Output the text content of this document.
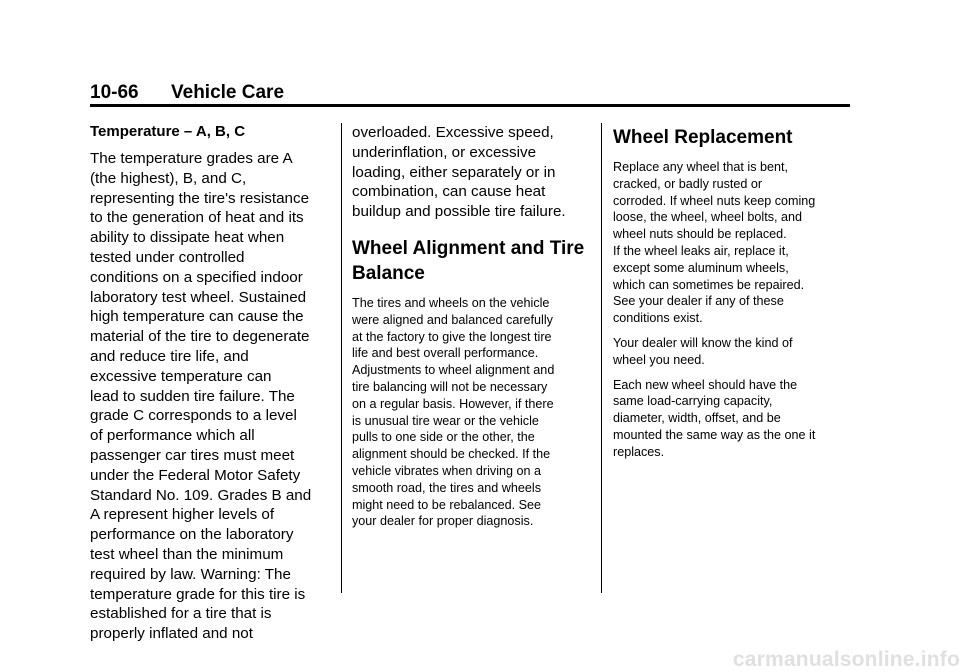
10-66 Vehicle Care

Temperature – A, B, C

The temperature grades are A
(the highest), B, and C,
representing the tire's resistance
to the generation of heat and its
ability to dissipate heat when
tested under controlled
conditions on a specified indoor
laboratory test wheel. Sustained
high temperature can cause the
material of the tire to degenerate
and reduce tire life, and
excessive temperature can
lead to sudden tire failure. The
grade C corresponds to a level
of performance which all
passenger car tires must meet
under the Federal Motor Safety
Standard No. 109. Grades B and
A represent higher levels of
performance on the laboratory
test wheel than the minimum
required by law. Warning: The
temperature grade for this tire is
established for a tire that is
properly inflated and not

overloaded. Excessive speed,
underinflation, or excessive
loading, either separately or in
combination, can cause heat
buildup and possible tire failure.

Wheel Alignment and Tire
Balance

The tires and wheels on the vehicle
were aligned and balanced carefully
at the factory to give the longest tire
life and best overall performance.
Adjustments to wheel alignment and
tire balancing will not be necessary
on a regular basis. However, if there
is unusual tire wear or the vehicle
pulls to one side or the other, the
alignment should be checked. If the
vehicle vibrates when driving on a
smooth road, the tires and wheels
might need to be rebalanced. See
your dealer for proper diagnosis.

Wheel Replacement

Replace any wheel that is bent,
cracked, or badly rusted or
corroded. If wheel nuts keep coming
loose, the wheel, wheel bolts, and
wheel nuts should be replaced.
If the wheel leaks air, replace it,
except some aluminum wheels,
which can sometimes be repaired.
See your dealer if any of these
conditions exist.

Your dealer will know the kind of
wheel you need.

Each new wheel should have the
same load-carrying capacity,
diameter, width, offset, and be
mounted the same way as the one it
replaces.

carmanualsonline.info
